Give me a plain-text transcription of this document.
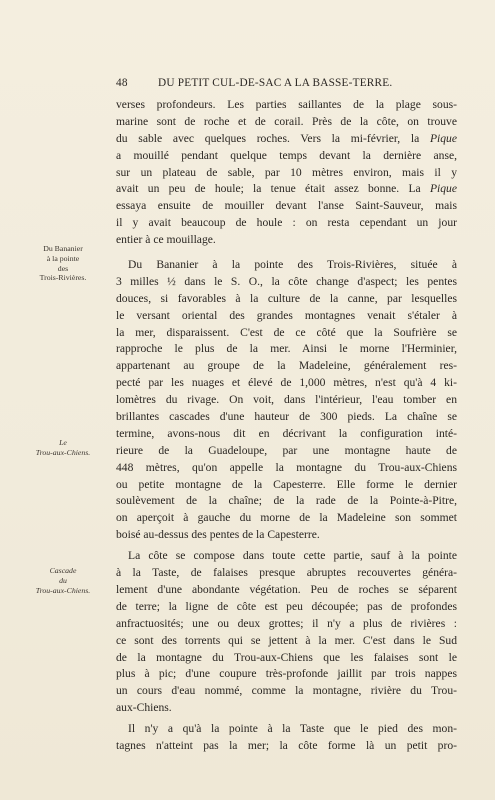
48	DU PETIT CUL-DE-SAC A LA BASSE-TERRE.
Du Bananier
à la pointe
des
Trois-Rivières.
Le
Trou-aux-Chiens.
Cascade
du
Trou-aux-Chiens.
verses profondeurs. Les parties saillantes de la plage sous-
marine sont de roche et de corail. Près de la côte, on trouve
du sable avec quelques roches. Vers la mi-février, la Pique
a mouillé pendant quelque temps devant la dernière anse,
sur un plateau de sable, par 10 mètres environ, mais il y
avait un peu de houle; la tenue était assez bonne. La Pique
essaya ensuite de mouiller devant l'anse Saint-Sauveur, mais
il y avait beaucoup de houle : on resta cependant un jour
entier à ce mouillage.
Du Bananier à la pointe des Trois-Rivières, située à
3 milles ½ dans le S. O., la côte change d'aspect; les pentes
douces, si favorables à la culture de la canne, par lesquelles
le versant oriental des grandes montagnes venait s'étaler à
la mer, disparaissent. C'est de ce côté que la Soufrière se
rapproche le plus de la mer. Ainsi le morne l'Herminier,
appartenant au groupe de la Madeleine, généralement res-
pecté par les nuages et élevé de 1,000 mètres, n'est qu'à 4 ki-
lomètres du rivage. On voit, dans l'intérieur, l'eau tomber en
brillantes cascades d'une hauteur de 300 pieds. La chaîne se
termine, avons-nous dit en décrivant la configuration inté-
rieure de la Guadeloupe, par une montagne haute de
448 mètres, qu'on appelle la montagne du Trou-aux-Chiens
ou petite montagne de la Capesterre. Elle forme le dernier
soulèvement de la chaîne; de la rade de la Pointe-à-Pitre,
on aperçoit à gauche du morne de la Madeleine son sommet
boisé au-dessus des pentes de la Capesterre.
La côte se compose dans toute cette partie, sauf à la pointe
à la Taste, de falaises presque abruptes recouvertes généra-
lement d'une abondante végétation. Peu de roches se séparent
de terre; la ligne de côte est peu découpée; pas de profondes
anfractuosités; une ou deux grottes; il n'y a plus de rivières :
ce sont des torrents qui se jettent à la mer. C'est dans le Sud
de la montagne du Trou-aux-Chiens que les falaises sont le
plus à pic; d'une coupure très-profonde jaillit par trois nappes
un cours d'eau nommé, comme la montagne, rivière du Trou-
aux-Chiens.
Il n'y a qu'à la pointe à la Taste que le pied des mon-
tagnes n'atteint pas la mer; la côte forme là un petit pro-
